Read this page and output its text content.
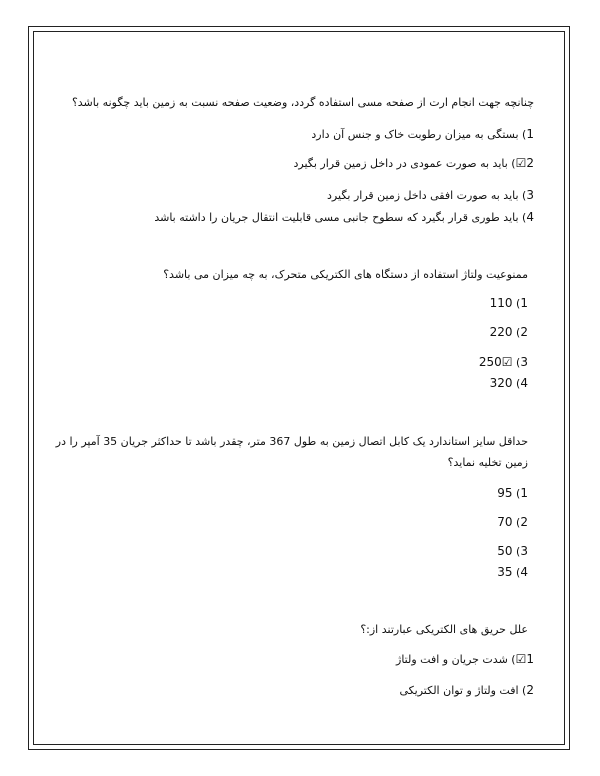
چنانچه جهت انجام ارت از صفحه مسی استفاده گردد، وضعیت صفحه نسبت به زمین باید چگونه باشد؟

1) بستگی به میزان رطوبت خاک و جنس آن دارد

2☑) باید به صورت عمودی در داخل زمین قرار بگیرد

3) باید به صورت افقی داخل زمین قرار بگیرد

4) باید طوری قرار بگیرد که سطوح جانبی مسی قابلیت انتقال جریان را داشته باشد

ممنوعیت ولتاژ استفاده از دستگاه های الکتریکی متحرک، به چه میزان می باشد؟

1) 110

2) 220

3) ☑250

4) 320

حداقل سایز استاندارد یک کابل اتصال زمین به طول 367 متر، چقدر باشد تا حداکثر جریان 35 آمپر را در

زمین تخلیه نماید؟

1) 95

2) 70

3) 50

4) 35

علل حریق های الکتریکی عبارتند از:؟

1☑) شدت جریان و افت ولتاژ

2) افت ولتاژ و توان الکتریکی
